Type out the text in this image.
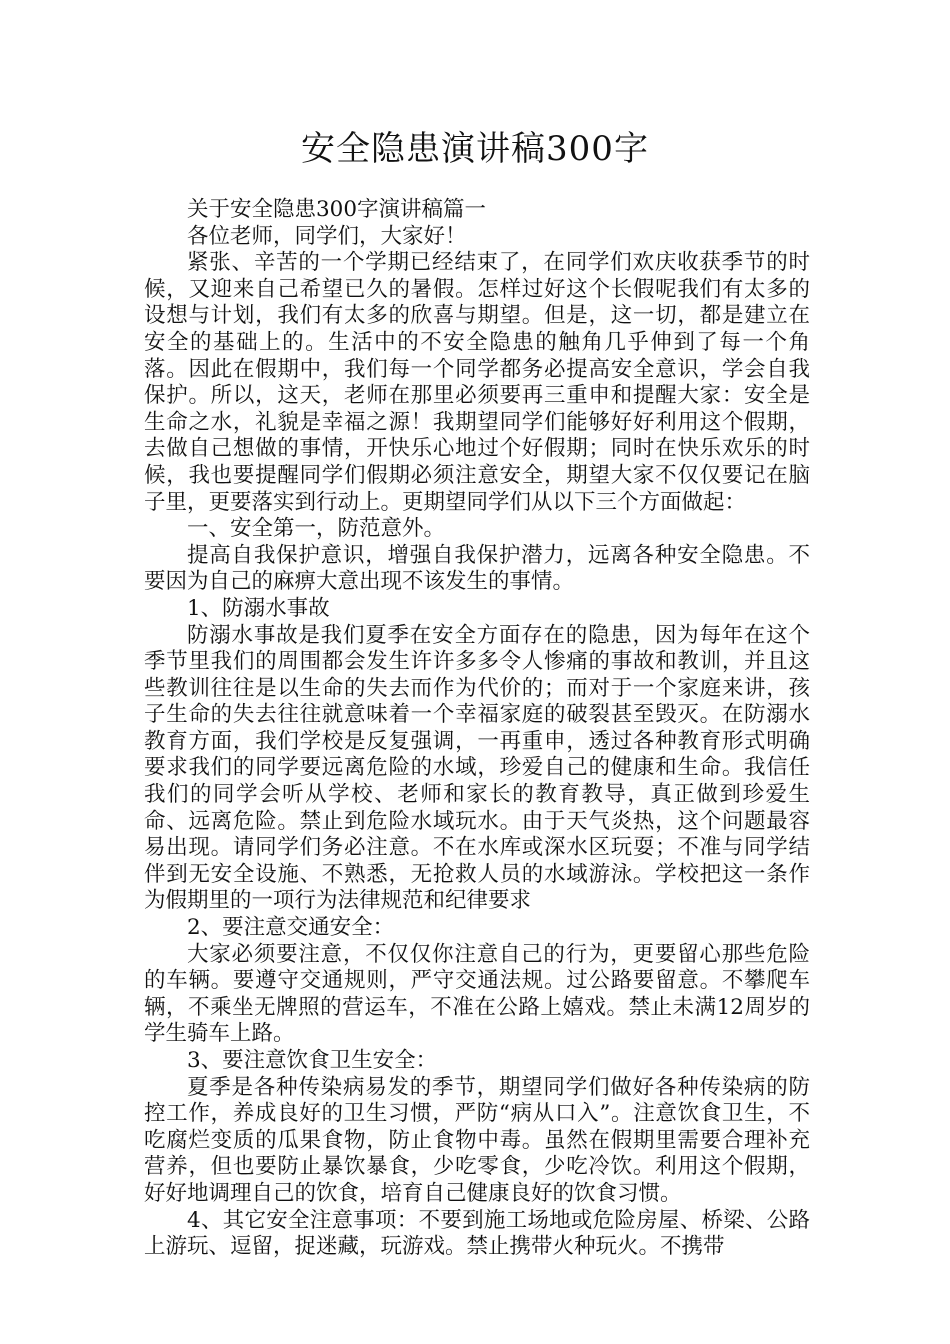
安全隐患演讲稿300字

关于安全隐患300字演讲稿篇一

各位老师，同学们，大家好！

紧张、辛苦的一个学期已经结束了，在同学们欢庆收获季节的时候，又迎来自己希望已久的暑假。怎样过好这个长假呢我们有太多的设想与计划，我们有太多的欣喜与期望。但是，这一切，都是建立在安全的基础上的。生活中的不安全隐患的触角几乎伸到了每一个角落。因此在假期中，我们每一个同学都务必提高安全意识，学会自我保护。所以，这天，老师在那里必须要再三重申和提醒大家：安全是生命之水，礼貌是幸福之源！我期望同学们能够好好利用这个假期，去做自己想做的事情，开快乐心地过个好假期；同时在快乐欢乐的时候，我也要提醒同学们假期必须注意安全，期望大家不仅仅要记在脑子里，更要落实到行动上。更期望同学们从以下三个方面做起：

一、安全第一，防范意外。

提高自我保护意识，增强自我保护潜力，远离各种安全隐患。不要因为自己的麻痹大意出现不该发生的事情。

1、防溺水事故

防溺水事故是我们夏季在安全方面存在的隐患，因为每年在这个季节里我们的周围都会发生许许多多令人惨痛的事故和教训，并且这些教训往往是以生命的失去而作为代价的；而对于一个家庭来讲，孩子生命的失去往往就意味着一个幸福家庭的破裂甚至毁灭。在防溺水教育方面，我们学校是反复强调，一再重申，透过各种教育形式明确要求我们的同学要远离危险的水域，珍爱自己的健康和生命。我信任我们的同学会听从学校、老师和家长的教育教导，真正做到珍爱生命、远离危险。禁止到危险水域玩水。由于天气炎热，这个问题最容易出现。请同学们务必注意。不在水库或深水区玩耍；不准与同学结伴到无安全设施、不熟悉，无抢救人员的水域游泳。学校把这一条作为假期里的一项行为法律规范和纪律要求

2、要注意交通安全：

大家必须要注意，不仅仅你注意自己的行为，更要留心那些危险的车辆。要遵守交通规则，严守交通法规。过公路要留意。不攀爬车辆，不乘坐无牌照的营运车，不准在公路上嬉戏。禁止未满12周岁的学生骑车上路。

3、要注意饮食卫生安全：

夏季是各种传染病易发的季节，期望同学们做好各种传染病的防控工作，养成良好的卫生习惯，严防“病从口入”。注意饮食卫生，不吃腐烂变质的瓜果食物，防止食物中毒。虽然在假期里需要合理补充营养，但也要防止暴饮暴食，少吃零食，少吃冷饮。利用这个假期，好好地调理自己的饮食，培育自己健康良好的饮食习惯。

4、其它安全注意事项：不要到施工场地或危险房屋、桥梁、公路上游玩、逗留，捉迷藏，玩游戏。禁止携带火种玩火。不携带
